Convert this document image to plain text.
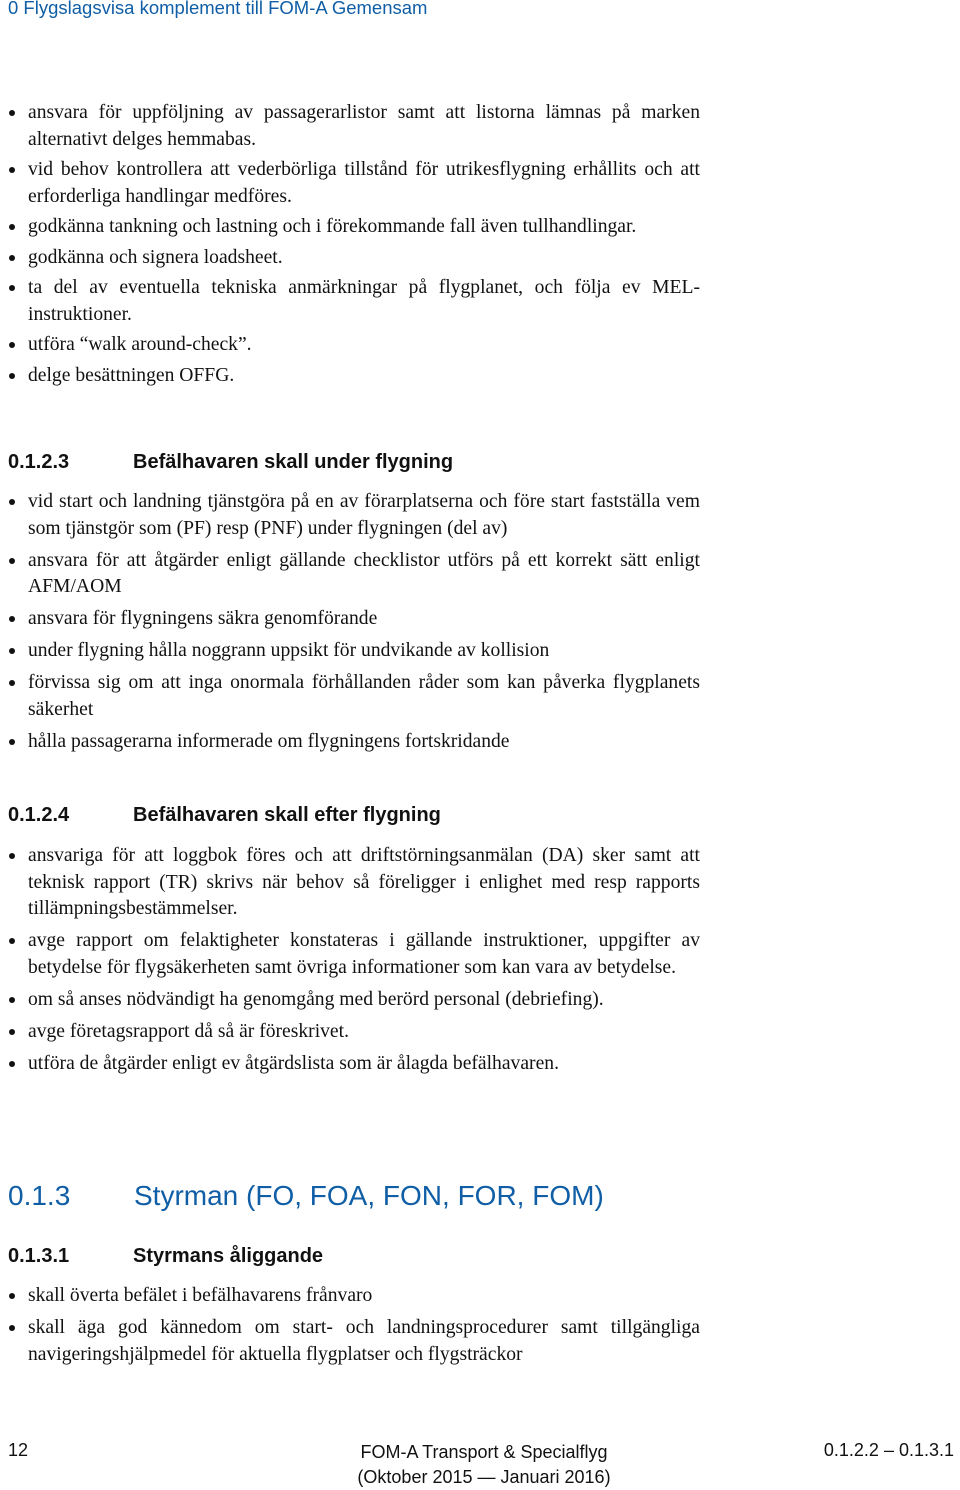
0 Flygslagsvisa komplement till FOM-A Gemensam
ansvara för uppföljning av passagerarlistor samt att listorna lämnas på marken alternativt delges hemmabas.
vid behov kontrollera att vederbörliga tillstånd för utrikesflygning erhållits och att erforderliga handlingar medföres.
godkänna tankning och lastning och i förekommande fall även tullhandlingar.
godkänna och signera loadsheet.
ta del av eventuella tekniska anmärkningar på flygplanet, och följa ev MEL-instruktioner.
utföra “walk around-check”.
delge besättningen OFFG.
0.1.2.3	Befälhavaren skall under flygning
vid start och landning tjänstgöra på en av förarplatserna och före start fastställa vem som tjänstgör som (PF) resp (PNF) under flygningen (del av)
ansvara för att åtgärder enligt gällande checklistor utförs på ett korrekt sätt enligt AFM/AOM
ansvara för flygningens säkra genomförande
under flygning hålla noggrann uppsikt för undvikande av kollision
förvissa sig om att inga onormala förhållanden råder som kan påverka flygplanets säkerhet
hålla passagerarna informerade om flygningens fortskridande
0.1.2.4	Befälhavaren skall efter flygning
ansvariga för att loggbok föres och att driftstörningsanmälan (DA) sker samt att teknisk rapport (TR) skrivs när behov så föreligger i enlighet med resp rapports tillämpningsbestämmelser.
avge rapport om felaktigheter konstateras i gällande instruktioner, uppgifter av betydelse för flygsäkerheten samt övriga informationer som kan vara av betydelse.
om så anses nödvändigt ha genomgång med berörd personal (debriefing).
avge företagsrapport då så är föreskrivet.
utföra de åtgärder enligt ev åtgärdslista som är ålagda befälhavaren.
0.1.3 Styrman (FO, FOA, FON, FOR, FOM)
0.1.3.1	Styrmans åliggande
skall överta befälet i befälhavarens frånvaro
skall äga god kännedom om start- och landningsprocedurer samt tillgängliga navigeringshjälpmedel för aktuella flygplatser och flygsträckor
12	FOM-A Transport & Specialflyg
(Oktober 2015 — Januari 2016)
0.1.2.2 – 0.1.3.1
